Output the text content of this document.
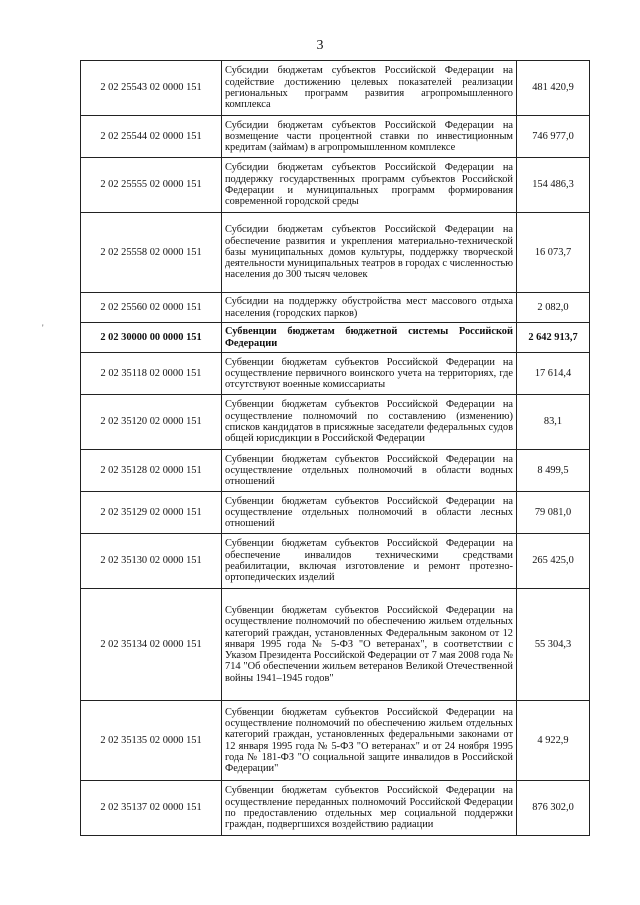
3
'
2 02 25543 02 0000 151	Субсидии бюджетам субъектов Российской Федерации на содействие достижению целевых показателей реализации региональных программ развития агропромышленного комплекса	481 420,9
2 02 25544 02 0000 151	Субсидии бюджетам субъектов Российской Федерации на возмещение части процентной ставки по инвестиционным кредитам (займам) в агропромышленном комплексе	746 977,0
2 02 25555 02 0000 151	Субсидии бюджетам субъектов Российской Федерации на поддержку государственных программ субъектов Российской Федерации и муниципальных программ формирования современной городской среды	154 486,3
2 02 25558 02 0000 151	Субсидии бюджетам субъектов Российской Федерации на обеспечение развития и укрепления материально-технической базы муниципальных домов культуры, поддержку творческой деятельности муниципальных театров в городах с численностью населения до 300 тысяч человек	16 073,7
2 02 25560 02 0000 151	Субсидии на поддержку обустройства мест массового отдыха населения (городских парков)	2 082,0
2 02 30000 00 0000 151	Субвенции бюджетам бюджетной системы Российской Федерации	2 642 913,7
2 02 35118 02 0000 151	Субвенции бюджетам субъектов Российской Федерации на осуществление первичного воинского учета на территориях, где отсутствуют военные комиссариаты	17 614,4
2 02 35120 02 0000 151	Субвенции бюджетам субъектов Российской Федерации на осуществление полномочий по составлению (изменению) списков кандидатов в присяжные заседатели федеральных судов общей юрисдикции в Российской Федерации	83,1
2 02 35128 02 0000 151	Субвенции бюджетам субъектов Российской Федерации на осуществление отдельных полномочий в области водных отношений	8 499,5
2 02 35129 02 0000 151	Субвенции бюджетам субъектов Российской Федерации на осуществление отдельных полномочий в области лесных отношений	79 081,0
2 02 35130 02 0000 151	Субвенции бюджетам субъектов Российской Федерации на обеспечение инвалидов техническими средствами реабилитации, включая изготовление и ремонт протезно-ортопедических изделий	265 425,0
2 02 35134 02 0000 151	Субвенции бюджетам субъектов Российской Федерации на осуществление полномочий по обеспечению жильем отдельных категорий граждан, установленных Федеральным законом от 12 января 1995 года № 5-ФЗ "О ветеранах", в соответствии с Указом Президента Российской Федерации от 7 мая 2008 года № 714 "Об обеспечении жильем ветеранов Великой Отечественной войны 1941–1945 годов"	55 304,3
2 02 35135 02 0000 151	Субвенции бюджетам субъектов Российской Федерации на осуществление полномочий по обеспечению жильем отдельных категорий граждан, установленных федеральными законами от 12 января 1995 года № 5-ФЗ "О ветеранах" и от 24 ноября 1995 года № 181-ФЗ "О социальной защите инвалидов в Российской Федерации"	4 922,9
2 02 35137 02 0000 151	Субвенции бюджетам субъектов Российской Федерации на осуществление переданных полномочий Российской Федерации по предоставлению отдельных мер социальной поддержки граждан, подвергшихся воздействию радиации	876 302,0
